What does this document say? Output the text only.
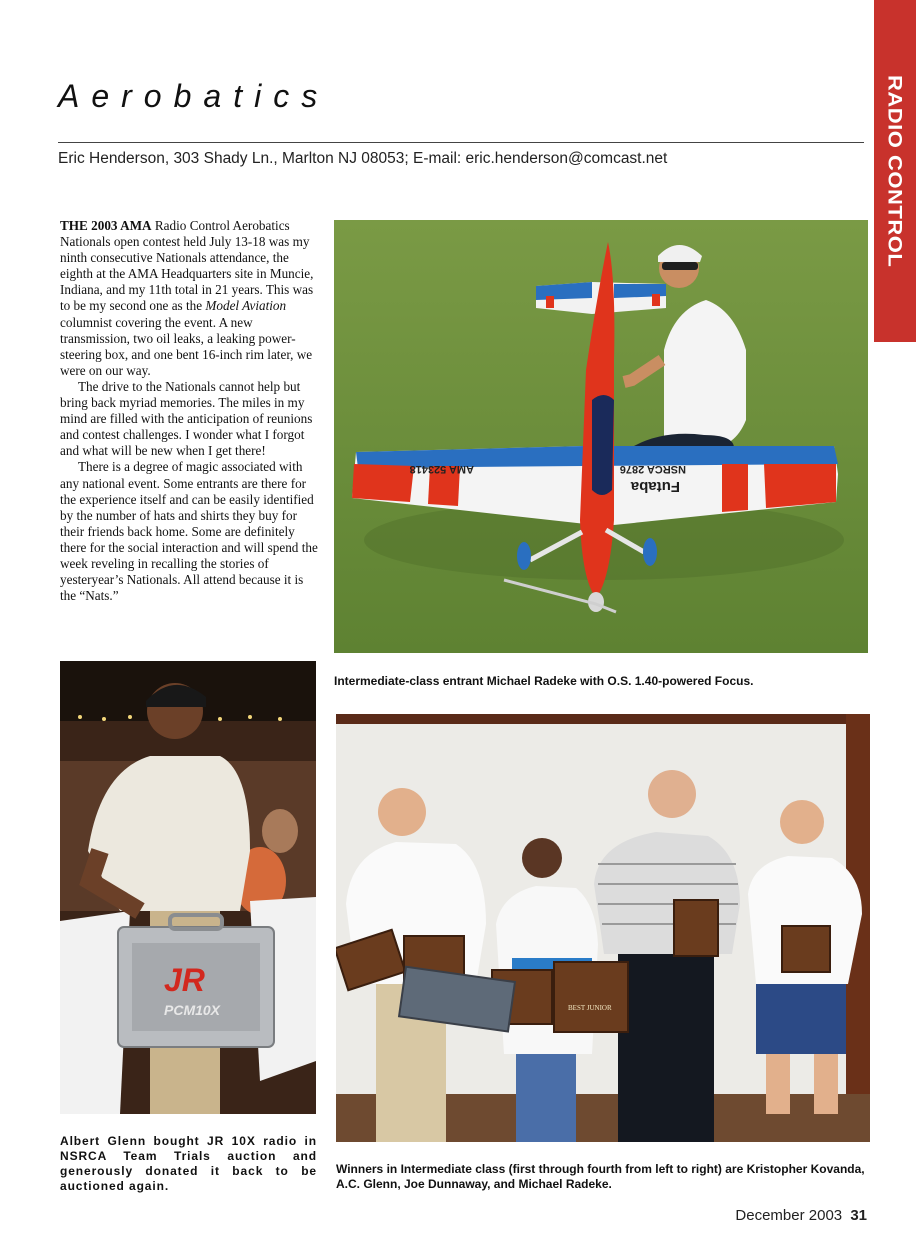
RADIO CONTROL
Aerobatics
Eric Henderson, 303 Shady Ln., Marlton NJ 08053; E-mail: eric.henderson@comcast.net

THE 2003 AMA Radio Control Aerobatics Nationals open contest held July 13-18 was my ninth consecutive Nationals attendance, the eighth at the AMA Headquarters site in Muncie, Indiana, and my 11th total in 21 years. This was to be my second one as the Model Aviation columnist covering the event. A new transmission, two oil leaks, a leaking power-steering box, and one bent 16-inch rim later, we were on our way.

The drive to the Nationals cannot help but bring back myriad memories. The miles in my mind are filled with the anticipation of reunions and contest challenges. I wonder what I forgot and what will be new when I get there!

There is a degree of magic associated with any national event. Some entrants are there for the experience itself and can be easily identified by the number of hats and shirts they buy for their friends back home. Some are definitely there for the social interaction and will spend the week reveling in recalling the stories of yesteryear’s Nationals. All attend because it is the “Nats.”

AMA 523418	NSRCA 2876
Futaba
JR
PCM10X	BEST JUNIOR

Intermediate-class entrant Michael Radeke with O.S. 1.40-powered Focus.

Albert Glenn bought JR 10X radio in NSRCA Team Trials auction and generously donated it back to be auctioned again.

Winners in Intermediate class (first through fourth from left to right) are Kristopher Kovanda, A.C. Glenn, Joe Dunnaway, and Michael Radeke.

December 2003 31
